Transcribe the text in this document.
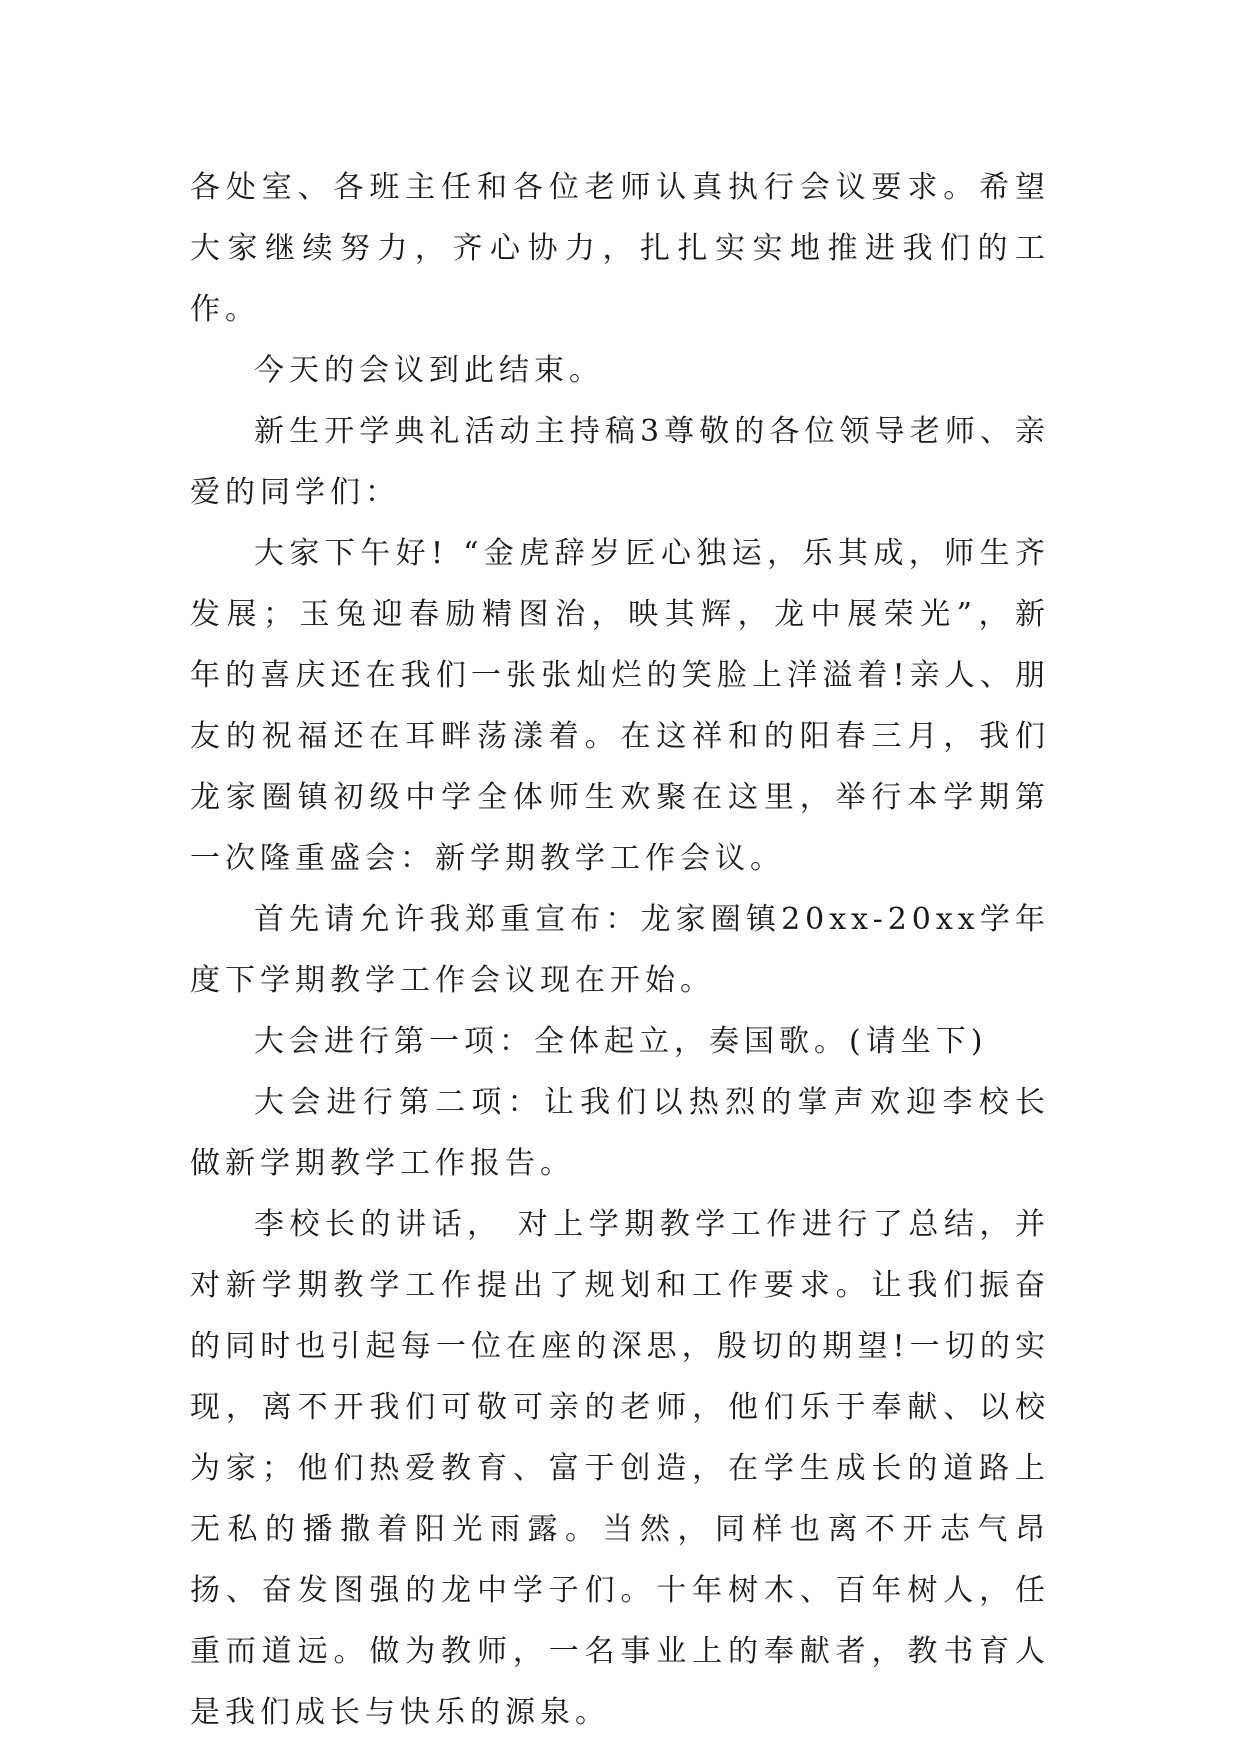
各处室、各班主任和各位老师认真执行会议要求。希望大家继续努力，齐心协力，扎扎实实地推进我们的工作。

今天的会议到此结束。

新生开学典礼活动主持稿3尊敬的各位领导老师、亲爱的同学们：

大家下午好! “金虎辞岁匠心独运，乐其成，师生齐发展；玉兔迎春励精图治，映其辉，龙中展荣光”，新年的喜庆还在我们一张张灿烂的笑脸上洋溢着!亲人、朋友的祝福还在耳畔荡漾着。在这祥和的阳春三月，我们龙家圈镇初级中学全体师生欢聚在这里，举行本学期第一次隆重盛会：新学期教学工作会议。

首先请允许我郑重宣布：龙家圈镇20xx-20xx学年度下学期教学工作会议现在开始。

大会进行第一项：全体起立，奏国歌。(请坐下)

大会进行第二项：让我们以热烈的掌声欢迎李校长做新学期教学工作报告。

李校长的讲话， 对上学期教学工作进行了总结，并对新学期教学工作提出了规划和工作要求。让我们振奋的同时也引起每一位在座的深思，殷切的期望!一切的实现，离不开我们可敬可亲的老师，他们乐于奉献、以校为家；他们热爱教育、富于创造，在学生成长的道路上无私的播撒着阳光雨露。当然，同样也离不开志气昂扬、奋发图强的龙中学子们。十年树木、百年树人，任重而道远。做为教师，一名事业上的奉献者，教书育人是我们成长与快乐的源泉。
